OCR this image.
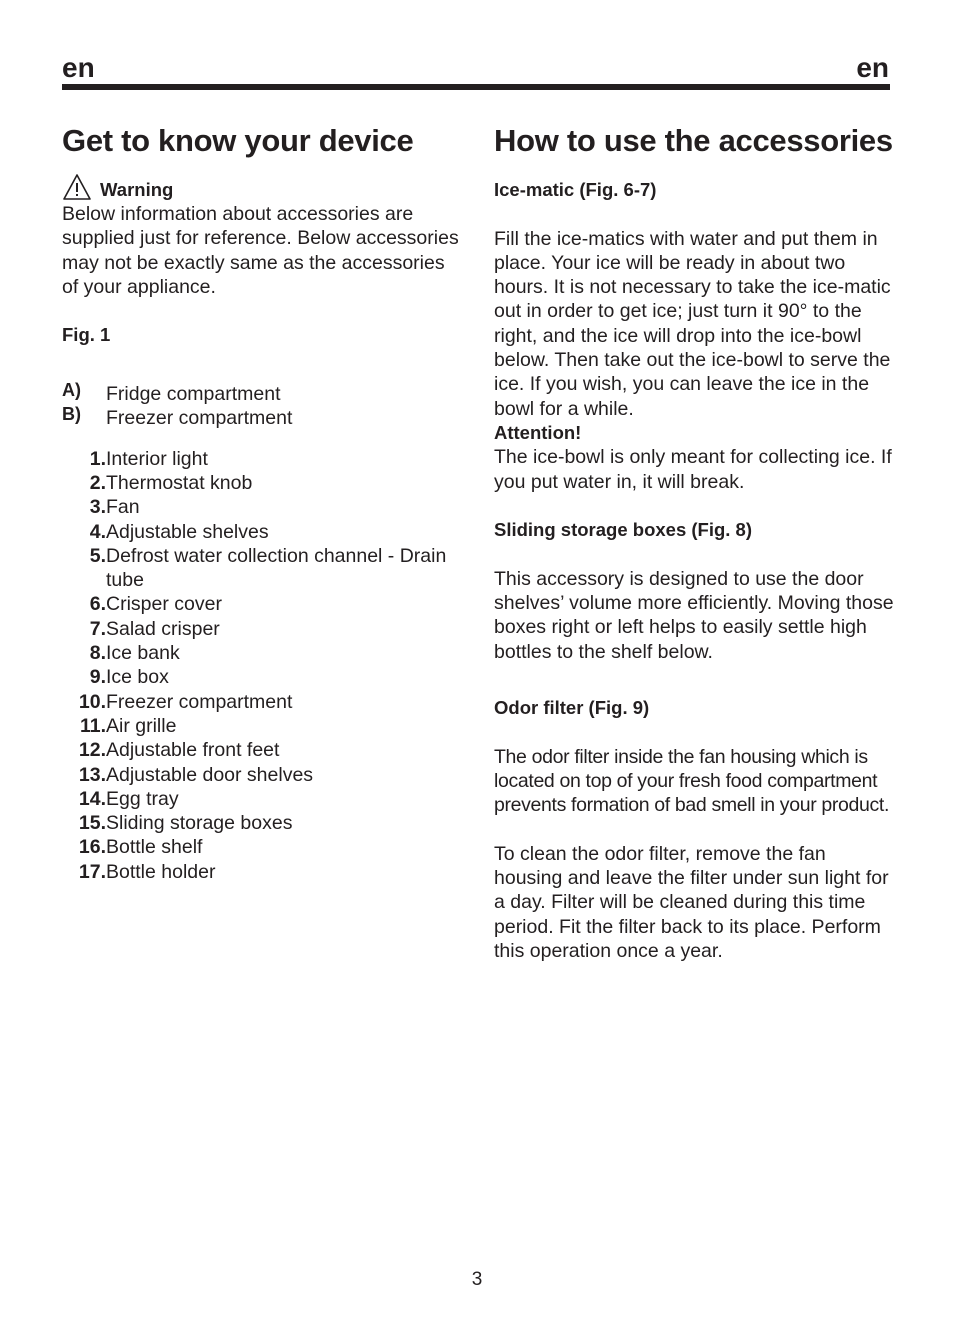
en	en
Get to know your device
Warning

Below information about accessories are supplied just for reference. Below accessories may not be exactly same as the accessories of your appliance.

Fig. 1

A)	Fridge compartment
B)	Freezer compartment
1. Interior light
2. Thermostat knob
3. Fan
4. Adjustable shelves
5. Defrost water collection channel - Drain tube
6. Crisper cover
7. Salad crisper
8. Ice bank
9. Ice box
10. Freezer compartment
11. Air grille
12. Adjustable front feet
13. Adjustable door shelves
14. Egg tray
15. Sliding storage boxes
16. Bottle shelf
17. Bottle holder
How to use the accessories

Ice-matic (Fig. 6-7)

Fill the ice-matics with water and put them in place. Your ice will be ready in about two hours. It is not necessary to take the ice-matic out in order to get ice; just turn it 90° to the right, and the ice will drop into the ice-bowl below. Then take out the ice-bowl to serve the ice. If you wish, you can leave the ice in the bowl for a while.

Attention!

The ice-bowl is only meant for collecting ice. If you put water in, it will break.

Sliding storage boxes (Fig. 8)

This accessory is designed to use the door shelves’ volume more efficiently. Moving those boxes right or left helps to easily settle high bottles to the shelf below.

Odor filter (Fig. 9)

The odor filter inside the fan housing which is located on top of your fresh food compartment prevents formation of bad smell in your product.

To clean the odor filter, remove the fan housing and leave the filter under sun light for a day. Filter will be cleaned during this time period. Fit the filter back to its place. Perform this operation once a year.

3
